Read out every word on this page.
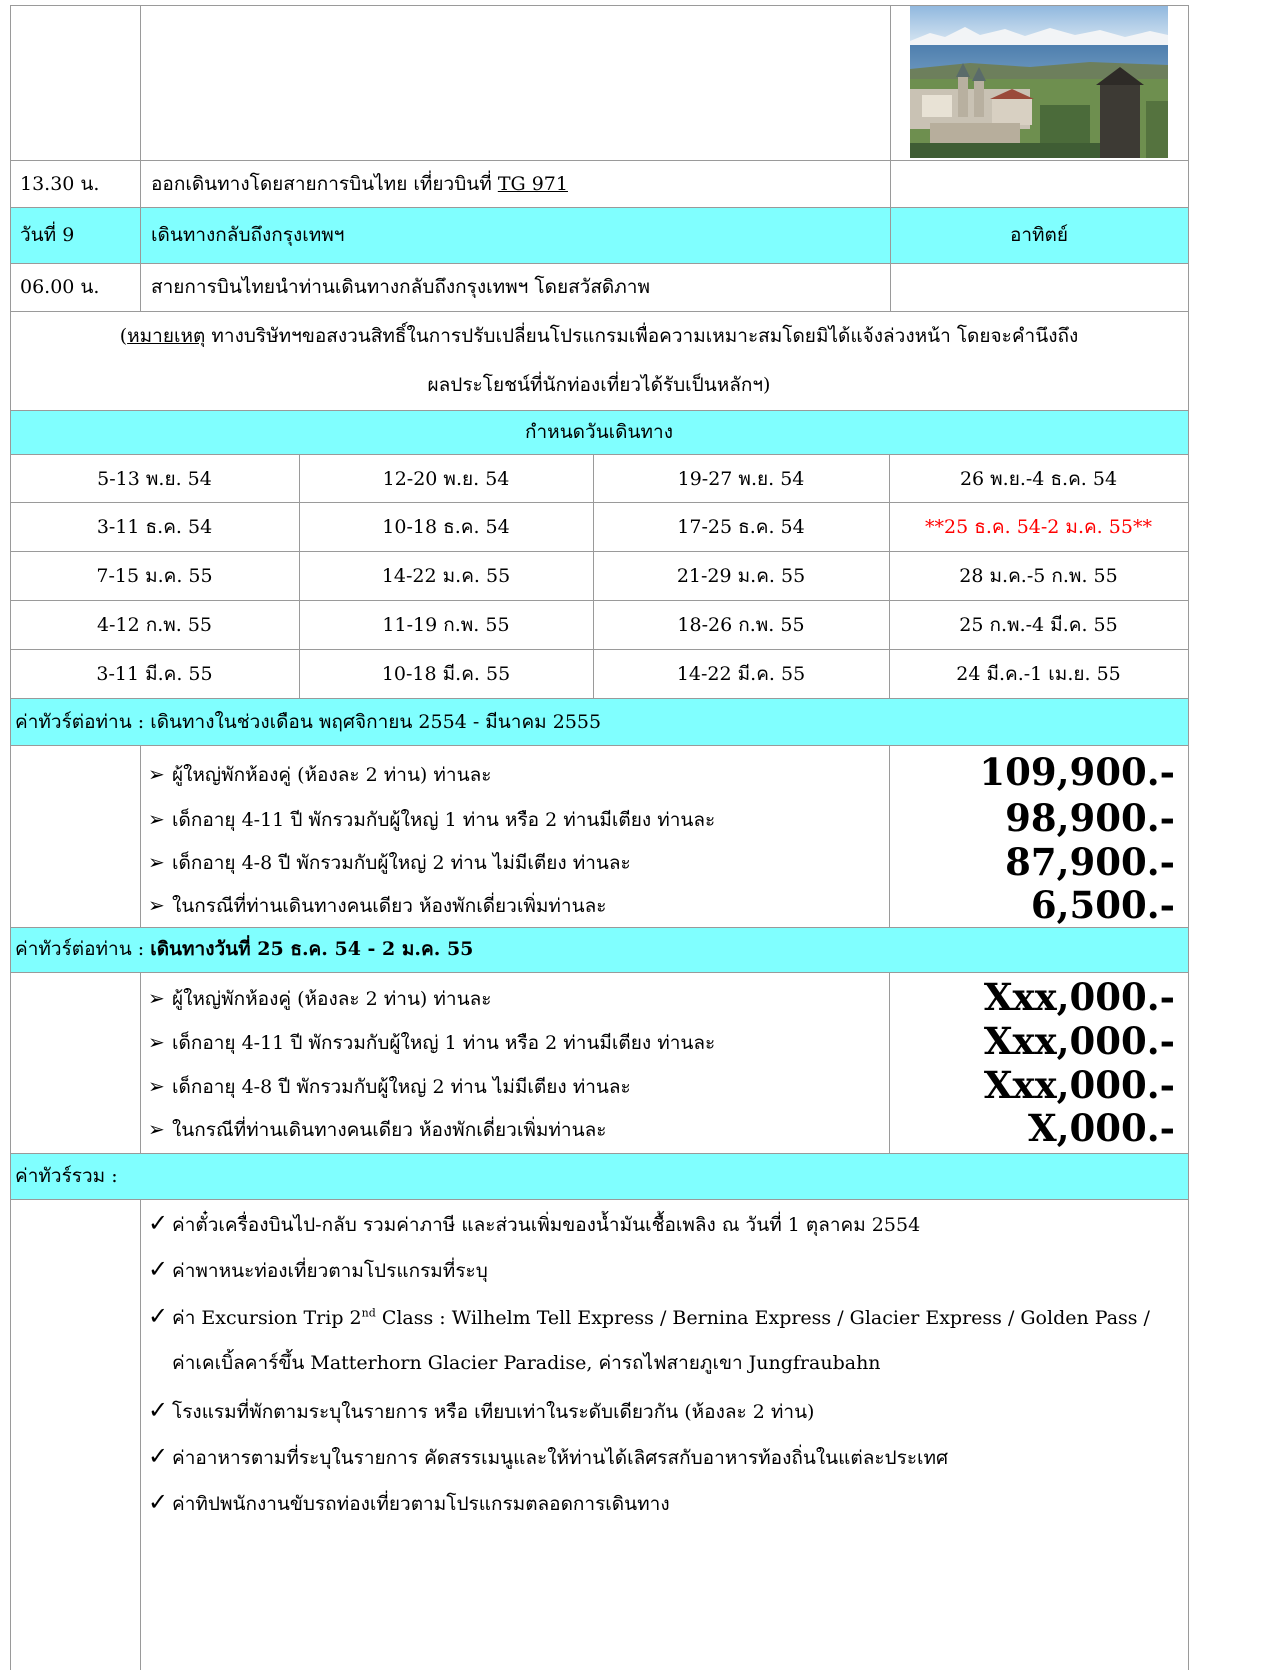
13.30 น.	ออกเดินทางโดยสายการบินไทย เที่ยวบินที่ TG 971
วันที่ 9	เดินทางกลับถึงกรุงเทพฯ	อาทิตย์
06.00 น.	สายการบินไทยนำท่านเดินทางกลับถึงกรุงเทพฯ โดยสวัสดิภาพ
(หมายเหตุ ทางบริษัทฯขอสงวนสิทธิ์ในการปรับเปลี่ยนโปรแกรมเพื่อความเหมาะสมโดยมิได้แจ้งล่วงหน้า โดยจะคำนึงถึง
ผลประโยชน์ที่นักท่องเที่ยวได้รับเป็นหลักฯ)
กำหนดวันเดินทาง
5-13 พ.ย. 54	12-20 พ.ย. 54	19-27 พ.ย. 54	26 พ.ย.-4 ธ.ค. 54
3-11 ธ.ค. 54	10-18 ธ.ค. 54	17-25 ธ.ค. 54	**25 ธ.ค. 54-2 ม.ค. 55**
7-15 ม.ค. 55	14-22 ม.ค. 55	21-29 ม.ค. 55	28 ม.ค.-5 ก.พ. 55
4-12 ก.พ. 55	11-19 ก.พ. 55	18-26 ก.พ. 55	25 ก.พ.-4 มี.ค. 55
3-11 มี.ค. 55	10-18 มี.ค. 55	14-22 มี.ค. 55	24 มี.ค.-1 เม.ย. 55
ค่าทัวร์ต่อท่าน : เดินทางในช่วงเดือน พฤศจิกายน 2554 - มีนาคม 2555
➢ ผู้ใหญ่พักห้องคู่ (ห้องละ 2 ท่าน) ท่านละ	109,900.-
➢ เด็กอายุ 4-11 ปี พักรวมกับผู้ใหญ่ 1 ท่าน หรือ 2 ท่านมีเตียง ท่านละ	98,900.-
➢ เด็กอายุ 4-8 ปี พักรวมกับผู้ใหญ่ 2 ท่าน ไม่มีเตียง ท่านละ	87,900.-
➢ ในกรณีที่ท่านเดินทางคนเดียว ห้องพักเดี่ยวเพิ่มท่านละ	6,500.-
ค่าทัวร์ต่อท่าน : เดินทางวันที่ 25 ธ.ค. 54 - 2 ม.ค. 55
➢ ผู้ใหญ่พักห้องคู่ (ห้องละ 2 ท่าน) ท่านละ	Xxx,000.-
➢ เด็กอายุ 4-11 ปี พักรวมกับผู้ใหญ่ 1 ท่าน หรือ 2 ท่านมีเตียง ท่านละ	Xxx,000.-
➢ เด็กอายุ 4-8 ปี พักรวมกับผู้ใหญ่ 2 ท่าน ไม่มีเตียง ท่านละ	Xxx,000.-
➢ ในกรณีที่ท่านเดินทางคนเดียว ห้องพักเดี่ยวเพิ่มท่านละ	X,000.-
ค่าทัวร์รวม :
✓ ค่าตั๋วเครื่องบินไป-กลับ รวมค่าภาษี และส่วนเพิ่มของน้ำมันเชื้อเพลิง ณ วันที่ 1 ตุลาคม 2554
✓ ค่าพาหนะท่องเที่ยวตามโปรแกรมที่ระบุ
✓ ค่า Excursion Trip 2nd Class : Wilhelm Tell Express / Bernina Express / Glacier Express / Golden Pass /
ค่าเคเบิ้ลคาร์ขึ้น Matterhorn Glacier Paradise, ค่ารถไฟสายภูเขา Jungfraubahn
✓ โรงแรมที่พักตามระบุในรายการ หรือ เทียบเท่าในระดับเดียวกัน (ห้องละ 2 ท่าน)
✓ ค่าอาหารตามที่ระบุในรายการ คัดสรรเมนูและให้ท่านได้เลิศรสกับอาหารท้องถิ่นในแต่ละประเทศ
✓ ค่าทิปพนักงานขับรถท่องเที่ยวตามโปรแกรมตลอดการเดินทาง
